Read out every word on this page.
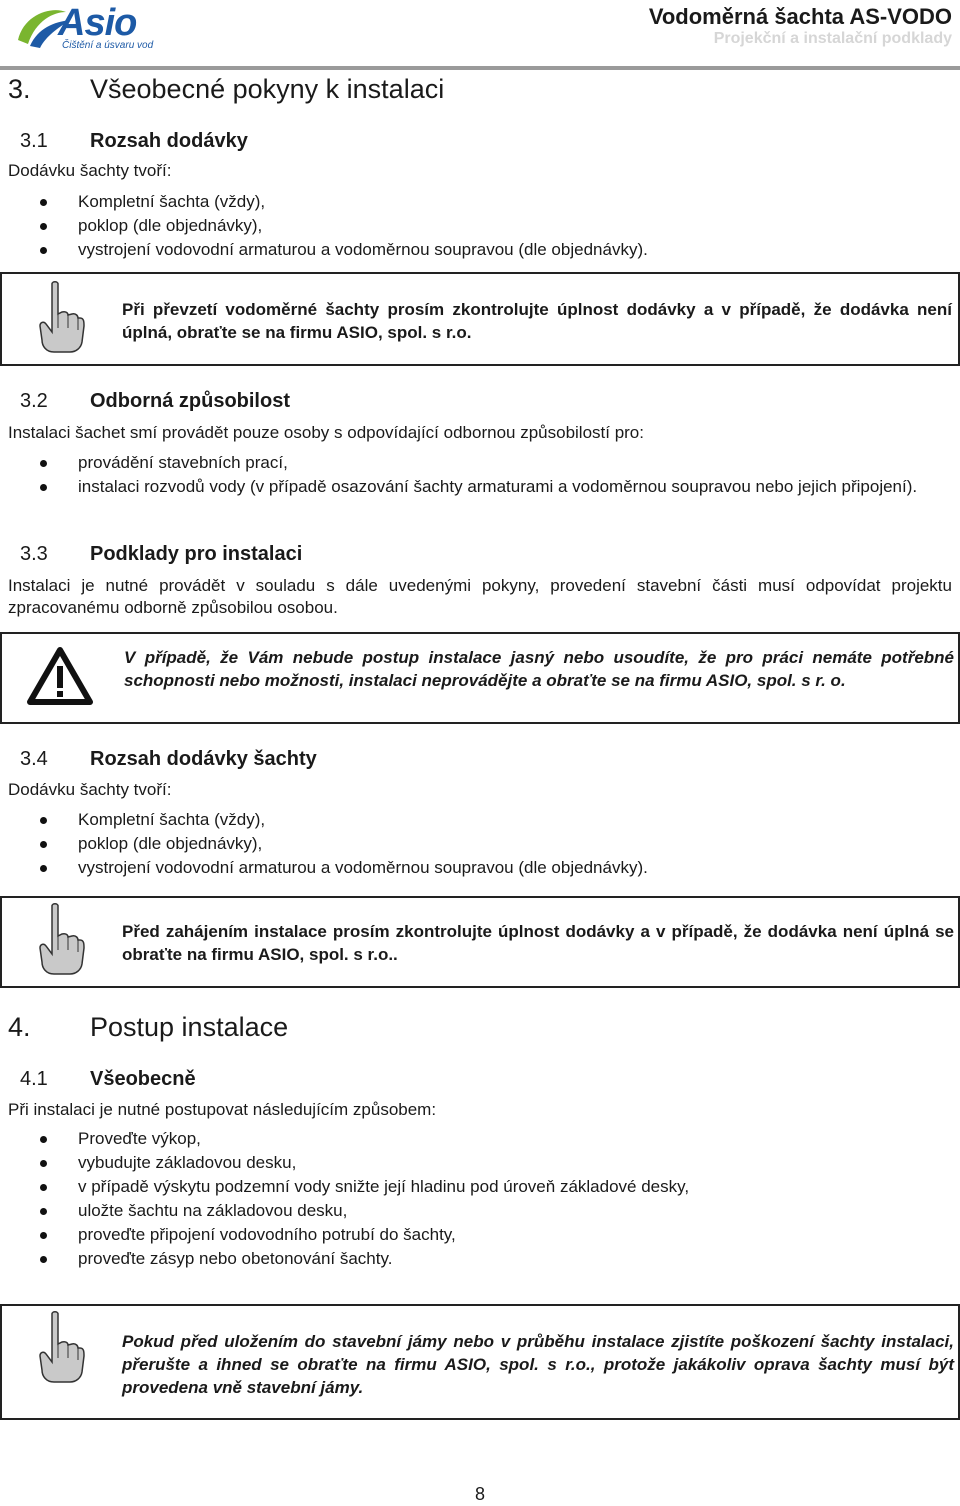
Asio
Čištění a úsvaru vod
Vodoměrná šachta AS-VODO
Projekční a instalační podklady
3. Všeobecné pokyny k instalaci
3.1 Rozsah dodávky
Dodávku šachty tvoří:
Kompletní šachta (vždy),
poklop (dle objednávky),
vystrojení vodovodní armaturou a vodoměrnou soupravou (dle objednávky).
Při převzetí vodoměrné šachty prosím zkontrolujte úplnost dodávky a v případě, že dodávka není úplná, obraťte se na firmu ASIO, spol. s r.o.
3.2 Odborná způsobilost
Instalaci šachet smí provádět pouze osoby s odpovídající odbornou způsobilostí pro:
provádění stavebních prací,
instalaci rozvodů vody (v případě osazování šachty armaturami a vodoměrnou soupravou nebo jejich připojení).
3.3 Podklady pro instalaci
Instalaci je nutné provádět v souladu s dále uvedenými pokyny, provedení stavební části musí odpovídat projektu zpracovanému odborně způsobilou osobou.
V případě, že Vám nebude postup instalace jasný nebo usoudíte, že pro práci nemáte potřebné schopnosti nebo možnosti, instalaci neprovádějte a obraťte se na firmu ASIO, spol. s r. o.
3.4 Rozsah dodávky šachty
Dodávku šachty tvoří:
Kompletní šachta (vždy),
poklop (dle objednávky),
vystrojení vodovodní armaturou a vodoměrnou soupravou (dle objednávky).
Před zahájením instalace prosím zkontrolujte úplnost dodávky a v případě, že dodávka není úplná se obraťte na firmu ASIO, spol. s r.o..
4. Postup instalace
4.1 Všeobecně
Při instalaci je nutné postupovat následujícím způsobem:
Proveďte výkop,
vybudujte základovou desku,
v případě výskytu podzemní vody snižte její hladinu pod úroveň základové desky,
uložte šachtu na základovou desku,
proveďte připojení vodovodního potrubí do šachty,
proveďte zásyp nebo obetonování šachty.
Pokud před uložením do stavební jámy nebo v průběhu instalace zjistíte poškození šachty instalaci, přerušte a ihned se obraťte na firmu ASIO, spol. s r.o., protože jakákoliv oprava šachty musí být provedena vně stavební jámy.
8
